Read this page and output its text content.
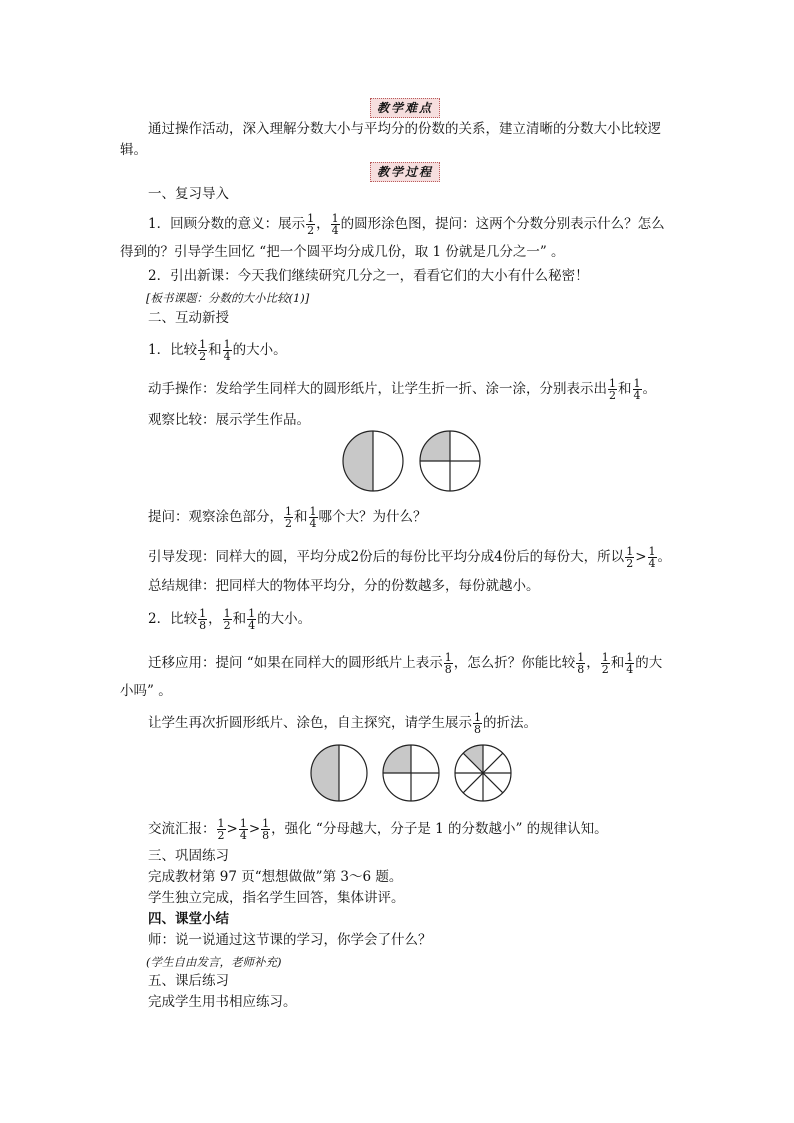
教学难点
通过操作活动，深入理解分数大小与平均分的份数的关系，建立清晰的分数大小比较逻
辑。
教学过程
一、复习导入
1．回顾分数的意义：展示 $\frac{1}{2}$ ， $\frac{1}{4}$ 的圆形涂色图，提问：这两个分数分别表示什么？怎么
得到的？引导学生回忆 “把一个圆平均分成几份，取 1 份就是几分之一” 。
2．引出新课：今天我们继续研究几分之一，看看它们的大小有什么秘密！
[板书课题：分数的大小比较(1)]
二、互动新授
1．比较 $\frac{1}{2}$ 和 $\frac{1}{4}$ 的大小。
动手操作：发给学生同样大的圆形纸片，让学生折一折、涂一涂，分别表示出 $\frac{1}{2}$ 和 $\frac{1}{4}$ 。
观察比较：展示学生作品。
提问：观察涂色部分， $\frac{1}{2}$ 和 $\frac{1}{4}$ 哪个大？为什么？
引导发现：同样大的圆，平均分成2份后的每份比平均分成4份后的每份大，所以 $\frac{1}{2} > \frac{1}{4}$ 。
总结规律：把同样大的物体平均分，分的份数越多，每份就越小。
2．比较 $\frac{1}{8}$ ， $\frac{1}{2}$ 和 $\frac{1}{4}$ 的大小。
迁移应用：提问 “如果在同样大的圆形纸片上表示 $\frac{1}{8}$ ，怎么折？你能比较 $\frac{1}{8}$ ， $\frac{1}{2}$ 和 $\frac{1}{4}$ 的大
小吗” 。
让学生再次折圆形纸片、涂色，自主探究，请学生展示 $\frac{1}{8}$ 的折法。
交流汇报： $\frac{1}{2} > \frac{1}{4} > \frac{1}{8}$ ，强化 “分母越大，分子是 1 的分数越小” 的规律认知。
三、巩固练习
完成教材第 97 页“想想做做”第 3～6 题。
学生独立完成，指名学生回答，集体讲评。
四、课堂小结
师：说一说通过这节课的学习，你学会了什么？
(学生自由发言，老师补充)
五、课后练习
完成学生用书相应练习。
